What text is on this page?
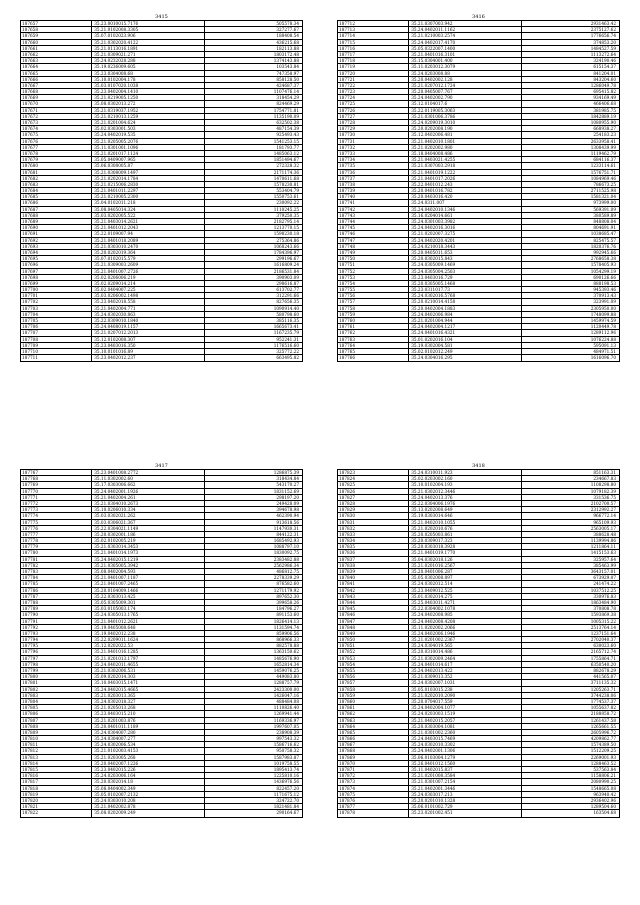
3415
187657	35.23.0010015.7176	505578.34
187658	35.21.0102008.3305	327277.67
187659	35.07.0102023.906	188408.54
187660	35.21.0302020.4122	436215.68
187661	35.21.0113016.1891	182113.88
187662	35.21.0309021.271	1803172.48
187663	35.24.0232028.288	1374143.88
187664	35.19.0236009.605	103543.84
187665	35.23.0304008.68	747358.97
187666	35.10.0102004.178	858128.50
187667	35.03.0107020.1038	424687.37
187668	35.23.0402004.1410	1107476.14
187669	35.21.0219005.1250	318454.29
187670	35.08.0302013.272	824469.29
187671	35.21.0319037.1952	1754771.81
187672	35.21.0210013.1259	1135190.09
187673	35.21.0201004.624	632502.38
187674	35.02.0303001.503	487154.39
187675	35.24.0402019.535	925493.43
187676	35.21.0205005.2076	1541253.15
187677	35.11.0301001.1096	181793.77
187678	35.21.0201017.1124	1485063.12
187679	35.05.0409007.965	1851494.67
187680	35.06.0308005.87	272328.32
187681	35.21.0308009.1497	2171174.36
187682	35.21.0202014.1784	1470611.68
187683	35.21.0215006.2830	1578230.81
187684	35.21.0401011.2297	553404.79
187685	35.21.0210005.2300	1550753.61
187686	35.04.0102011.218	230092.22
187687	35.08.0405014.324	1110245.25
187688	35.03.0202005.522	379250.35
187689	35.21.0403014.2621	2182795.14
187690	35.21.0401012.2043	1213770.15
187691	35.22.0109007.94	1598230.18
187692	35.21.0401018.2089	275364.86
187693	35.21.0303010.2470	1068243.66
187694	35.20.0202019.364	1784396.97
187695	35.07.0102015.579	299196.67
187696	35.21.0309003.2609	1616809.24
187697	35.21.0401007.2726	2186531.84
187698	35.02.0206006.219	390903.09
187699	35.02.0209014.214	298616.87
187700	35.02.0404007.225	613702.77
187701	35.03.0206002.1498	312291.66
187702	35.23.0402018.558	827656.35
187703	35.21.0402004.771	1090914.40
187704	35.24.0302030.863	580798.60
187705	35.22.0309010.1840	385116.35
187706	35.24.0408019.1157	1665673.41
187707	35.21.0207012.2013	1167235.79
187708	35.12.0102008.307	952241.31
187709	35.23.0403016.350	1176516.60
187710	35.10.0101016.89	325772.22
187711	35.23.0402012.237	663495.82
3416
187712	35.21.0307003.942	2931463.42
187713	35.24.0402011.1162	2375127.62
187714	35.21.0210003.2574	1776656.74
187715	35.24.0402017.4170	374853.20
187716	35.05.0322007.1400	1484527.59
187717	35.21.0401016.3101	1113272.64
187718	35.15.0304001.400	324190.46
187719	35.11.0203012.3079	615154.37
187720	35.24.0203008.88	841204.01
187721	35.20.0402002.128	843204.60
187722	35.21.0207012.1724	1286049.78
187723	35.20.0405007.767	695415.82
187724	35.24.0402002.790	934169.49
187725	35.12.0104017.6	466406.68
187726	35.22.0119005.3063	381985.75
187727	35.21.0301006.3786	1842889.19
187728	35.24.0209019.3010	1080955.90
187729	35.20.0202008.190	668938.27
187730	35.12.0402006.481	254183.23
187731	35.21.0402010.1801	2633958.41
187732	35.21.0202002.980	1308439.99
187733	35.18.0404008.486	1119462.79
187734	35.21.0403021.4255	684116.37
187735	35.21.0307003.2918	1233114.61
187736	35.21.0401019.1222	1576751.71
187737	35.21.0401017.2026	1084969.46
187738	35.22.0401012.243	786673.25
187739	35.20.0401016.782	2711525.98
187740	35.20.0403016.420	1581321.04
187741	35.24.0311.007	973999.00
187742	35.24.0402010.1346	569391.09
187743	35.16.0204014.661	380589.89
187744	35.24.0301003.3982	848808.04
187745	35.24.0402016.3016	804691.91
187746	35.21.0202007.3275	1038685.47
187747	35.24.0402020.4201	825475.57
187748	35.24.0210018.3443	1820376.76
187749	35.20.0405011.653	992945.66
187750	35.20.0302015.843	2768658.38
187751	35.24.0305009.1469	1578405.93
187752	35.24.0305004.2503	1054299.19
187753	35.23.0403016.729	690126.66
187754	35.20.0305005.1468	888198.53
187755	35.23.0311017.73	945393.46
187756	35.24.0302016.5768	370913.43
187757	35.20.0210014.4158	323991.09
187758	35.20.0402004.1883	2305950.00
187759	35.24.0402006.984	1748099.88
187760	35.21.0201004.944	1459974.59
187761	35.24.0402004.1217	1120449.78
187762	35.24.0401016.4321	1289112.96
187763	35.01.0202016.104	1076224.88
187764	35.19.0302004.581	595091.13
187765	35.02.0102012.249	484971.51
187766	35.24.0304016.295	1616096.70
3417
187767	35.23.0401008.2772	1286875.39
187768	35.11.0302002.60	318434.84
187769	35.17.0303006.662	543170.27
187770	35.24.0402001.1926	1831152.69
187771	35.21.0402004.261	298197.20
187772	35.21.0304010.2673	249428.09
187773	35.10.0206010.334	394678.98
187774	35.03.0302021.262	462390.94
187775	35.03.0306021.367	913618.56
187776	35.22.0304021.1149	1147930.31
187777	35.20.0302001.186	844122.31
187778	35.02.0102005.219	1685492.93
187779	35.21.0303014.3453	1088797.10
187780	35.21.0401014.1973	1830092.75
187781	35.24.0402015.1219	2383482.88
187782	35.21.0305005.3942	2562986.34
187783	35.08.0402004.593	486812.75
187784	35.21.0401007.1187	2278339.29
187785	35.21.0401007.2465	876582.60
187786	35.20.0104009.1466	1271179.92
187787	35.22.0303013.425	897652.30
187788	35.05.0305009.301	399658.26
187789	35.03.0105003.174	184796.27
187790	35.24.0305013.1765	891153.60
187791	35.21.0401012.2621	1826414.13
187792	35.19.0405008.648	1131594.74
187793	35.19.0402012.238	859906.56
187794	35.22.0209011.1624	868966.33
187795	35.12.0202022.53	882578.88
187796	35.21.0401016.1285	1363150.62
187797	35.21.0201013.1797	1485676.90
187798	35.24.0402011.4655	1652814.34
187799	35.21.0302006.531	1459076.25
187800	35.09.0202014.303	449083.80
187801	35.10.0403015.1471	1288757.79
187802	35.24.0402015.4665	2423300.00
187803	35.21.0203013.365	1426047.16
187804	35.24.0302018.327	488484.08
187805	35.21.0205013.268	1110826.40
187806	35.23.0403015.210	1269941.44
187807	35.21.0201003.876	1169336.97
187808	35.20.0401011.1189	1997607.05
187809	35.24.0304007.280	238908.39
187810	35.24.0304007.277	997543.32
187811	35.24.0302006.534	1586716.62
187812	35.21.0102003.4153	950758.32
187813	35.21.0203005.268	1587983.87
187814	35.20.0402007.1226	1019758.55
187815	35.23.0402015.226	1895413.74
187816	35.24.0203006.164	1225810.16
187817	35.20.0302014.18	1436976.56
187818	35.08.0404002.349	822457.20
187819	35.05.0102007.2132	1171675.12
187820	35.24.0303010.208	324722.70
187821	35.21.0402002.878	1821481.84
187822	35.08.0202009.249	290164.67
3418
187823	35.24.0310011.923	851163.31
187824	35.02.0203002.160	234667.83
187825	35.10.0102004.193	1108298.80
187826	35.21.0302012.3446	1079182.39
187827	35.24.0402013.376	331536.75
187828	35.22.0304006.1976	2102700.57
187829	35.13.0202008.649	2312992.27
187830	35.19.0303014.646	966772.14
187831	35.21.0402010.1055	965109.93
187832	35.21.0202010.676	2563005.17
187833	35.20.0205003.861	388628.48
187834	35.20.0309017.323	1139994.86
187835	35.20.0303018.3928	1211864.11
187836	35.21.0401019.1770	1415153.63
187837	35.04.0302018.126	325957.64
187838	35.21.0201016.2567	385463.99
187839	35.20.0401006.287	3643157.01
187840	35.05.0302008.897	673929.07
187841	35.24.0302012.514	241474.22
187842	35.23.0409012.525	1037512.25
187843	35.01.0302014.275	330976.83
187844	35.25.0403011.4271	1863484.90
187845	35.22.0304002.1078	370808.78
187846	35.24.0402008.985	1593869.38
187847	35.24.0402008.4208	1005315.22
187848	35.11.0202002.2066	2513764.14
187849	35.24.0402006.1946	1237151.64
187850	35.21.0201002.2367	2702040.37
187851	35.24.0304019.565	630023.60
187852	35.20.0310014.486	2165712.74
187853	35.21.0302009.2464	1755864.71
187854	35.24.0401014.617	6350540.20
187855	35.24.0402013.422	882678.29
187856	35.21.0309013.352	441565.07
187857	35.24.0302007.1031	3711135.32
187858	35.05.0103015.238	1205263.71
187859	35.21.0202010.2090	3744238.06
187860	35.20.0704017.559	1774537.37
187861	35.24.0402004.1077	1055637.82
187862	35.24.0203003.1519	2188858.72
187863	35.21.0402015.2057	1261437.58
187864	35.20.0303004.1081	1265661.55
187865	35.21.0301002.2360	2605996.72
187866	35.24.0403015.7469	4209862.77
187867	35.24.0302010.3302	1574389.50
187868	35.24.0402001.1306	1512209.25
187869	35.06.0103004.1279	2269001.93
187870	35.26.0401012.1560	1288463.52
187871	35.11.0402015.837	537563.84
187872	35.21.0201008.3584	1158806.21
187873	35.21.0301007.2154	2080990.25
187874	35.21.0402001.3446	1548665.08
187875	35.24.0303017.213	963940.42
187876	35.20.0201010.1328	2936402.96
187877	35.06.0101002.729	1289504.60
187878	35.23.0201002.451	163504.68
